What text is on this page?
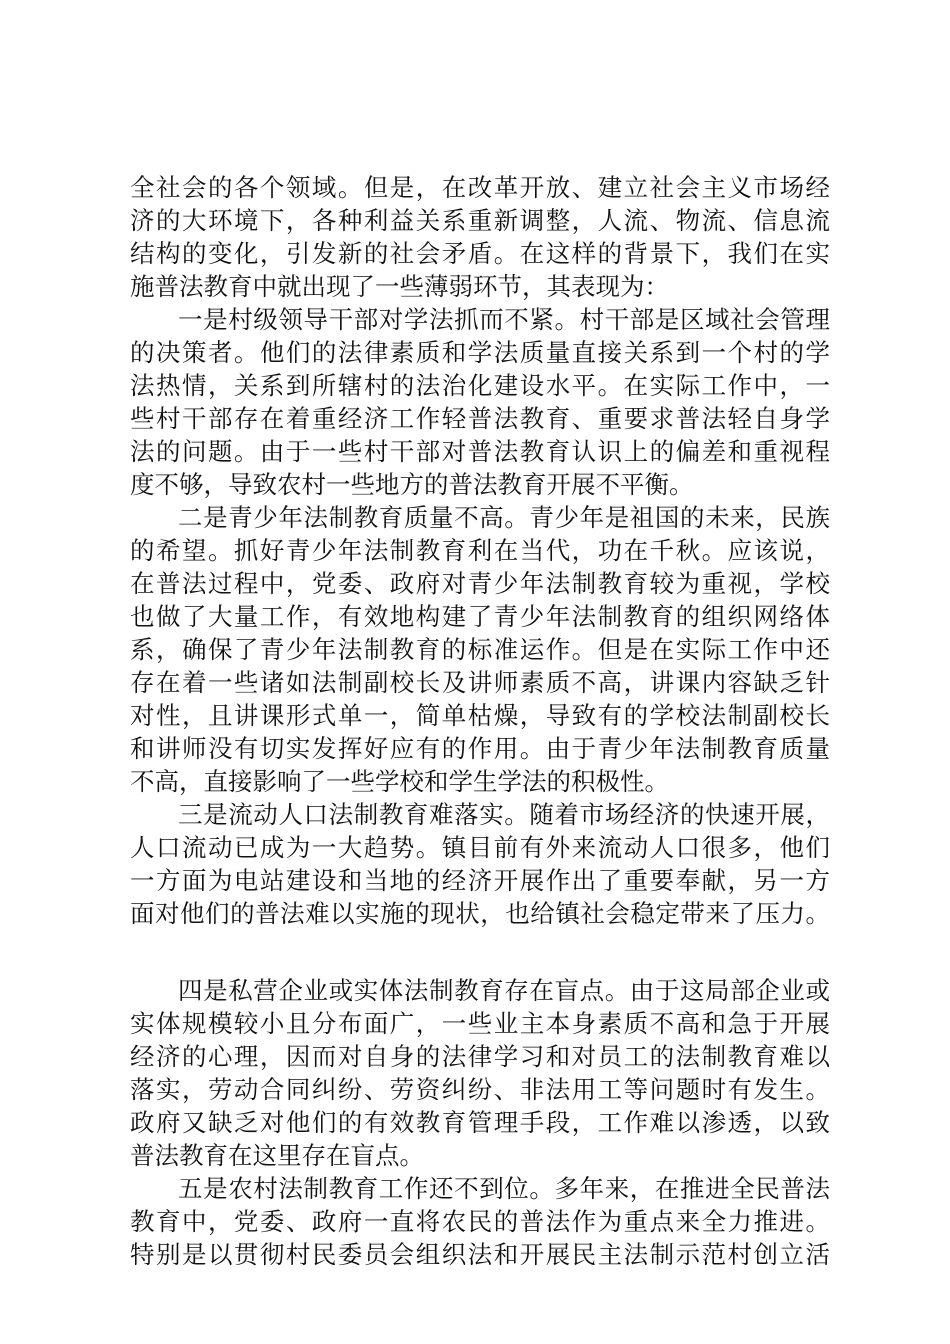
全社会的各个领域。但是，在改革开放、建立社会主义市场经
济的大环境下，各种利益关系重新调整，人流、物流、信息流
结构的变化，引发新的社会矛盾。在这样的背景下，我们在实
施普法教育中就出现了一些薄弱环节，其表现为：
一是村级领导干部对学法抓而不紧。村干部是区域社会管理
的决策者。他们的法律素质和学法质量直接关系到一个村的学
法热情，关系到所辖村的法治化建设水平。在实际工作中，一
些村干部存在着重经济工作轻普法教育、重要求普法轻自身学
法的问题。由于一些村干部对普法教育认识上的偏差和重视程
度不够，导致农村一些地方的普法教育开展不平衡。
二是青少年法制教育质量不高。青少年是祖国的未来，民族
的希望。抓好青少年法制教育利在当代，功在千秋。应该说，
在普法过程中，党委、政府对青少年法制教育较为重视，学校
也做了大量工作，有效地构建了青少年法制教育的组织网络体
系，确保了青少年法制教育的标准运作。但是在实际工作中还
存在着一些诸如法制副校长及讲师素质不高，讲课内容缺乏针
对性，且讲课形式单一，简单枯燥，导致有的学校法制副校长
和讲师没有切实发挥好应有的作用。由于青少年法制教育质量
不高，直接影响了一些学校和学生学法的积极性。
三是流动人口法制教育难落实。随着市场经济的快速开展，
人口流动已成为一大趋势。镇目前有外来流动人口很多，他们
一方面为电站建设和当地的经济开展作出了重要奉献，另一方
面对他们的普法难以实施的现状，也给镇社会稳定带来了压力。
四是私营企业或实体法制教育存在盲点。由于这局部企业或
实体规模较小且分布面广，一些业主本身素质不高和急于开展
经济的心理，因而对自身的法律学习和对员工的法制教育难以
落实，劳动合同纠纷、劳资纠纷、非法用工等问题时有发生。
政府又缺乏对他们的有效教育管理手段，工作难以渗透，以致
普法教育在这里存在盲点。
五是农村法制教育工作还不到位。多年来，在推进全民普法
教育中，党委、政府一直将农民的普法作为重点来全力推进。
特别是以贯彻村民委员会组织法和开展民主法制示范村创立活
